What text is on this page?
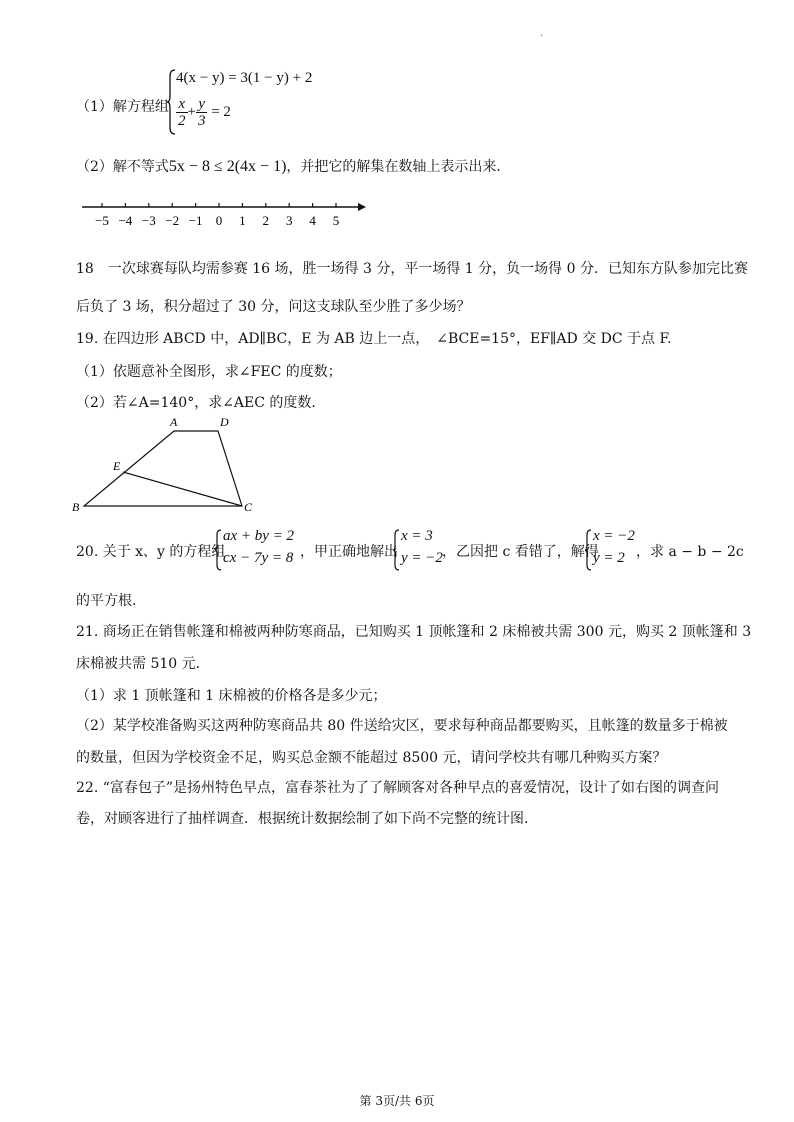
.
（1）解方程组
4(x − y) = 3(1 − y) + 2
$\frac{x}{2} + \frac{y}{3} = 2$
（2）解不等式5x − 8 ≤ 2(4x − 1)，并把它的解集在数轴上表示出来.
−5 −4 −3 −2 −1 0 1 2 3 4 5
18　 一次球赛每队均需参赛 16 场，胜一场得 3 分，平一场得 1 分，负一场得 0 分．已知东方队参加完比赛
后负了 3 场，积分超过了 30 分，问这支球队至少胜了多少场？
19. 在四边形 ABCD 中，AD∥BC，E 为 AB 边上一点，　∠BCE=15°，EF∥AD 交 DC 于点 F.
（1）依题意补全图形，求∠FEC 的度数；
（2）若∠A=140°，求∠AEC 的度数.
A	D
E
B	C
20. 关于 x、y 的方程组
ax + by = 2
cx − 7y = 8 ，甲正确地解出
x = 3
y = −2 ，乙因把 c 看错了，解得
x = −2
y = 2 ，求 a − b − 2c
的平方根.
21. 商场正在销售帐篷和棉被两种防寒商品，已知购买 1 顶帐篷和 2 床棉被共需 300 元，购买 2 顶帐篷和 3
床棉被共需 510 元.
（1）求 1 顶帐篷和 1 床棉被的价格各是多少元；
（2）某学校准备购买这两种防寒商品共 80 件送给灾区，要求每种商品都要购买，且帐篷的数量多于棉被
的数量，但因为学校资金不足，购买总金额不能超过 8500 元，请问学校共有哪几种购买方案？
22. “富春包子”是扬州特色早点，富春茶社为了了解顾客对各种早点的喜爱情况，设计了如右图的调查问
卷，对顾客进行了抽样调查．根据统计数据绘制了如下尚不完整的统计图.
第 3页/共 6页
